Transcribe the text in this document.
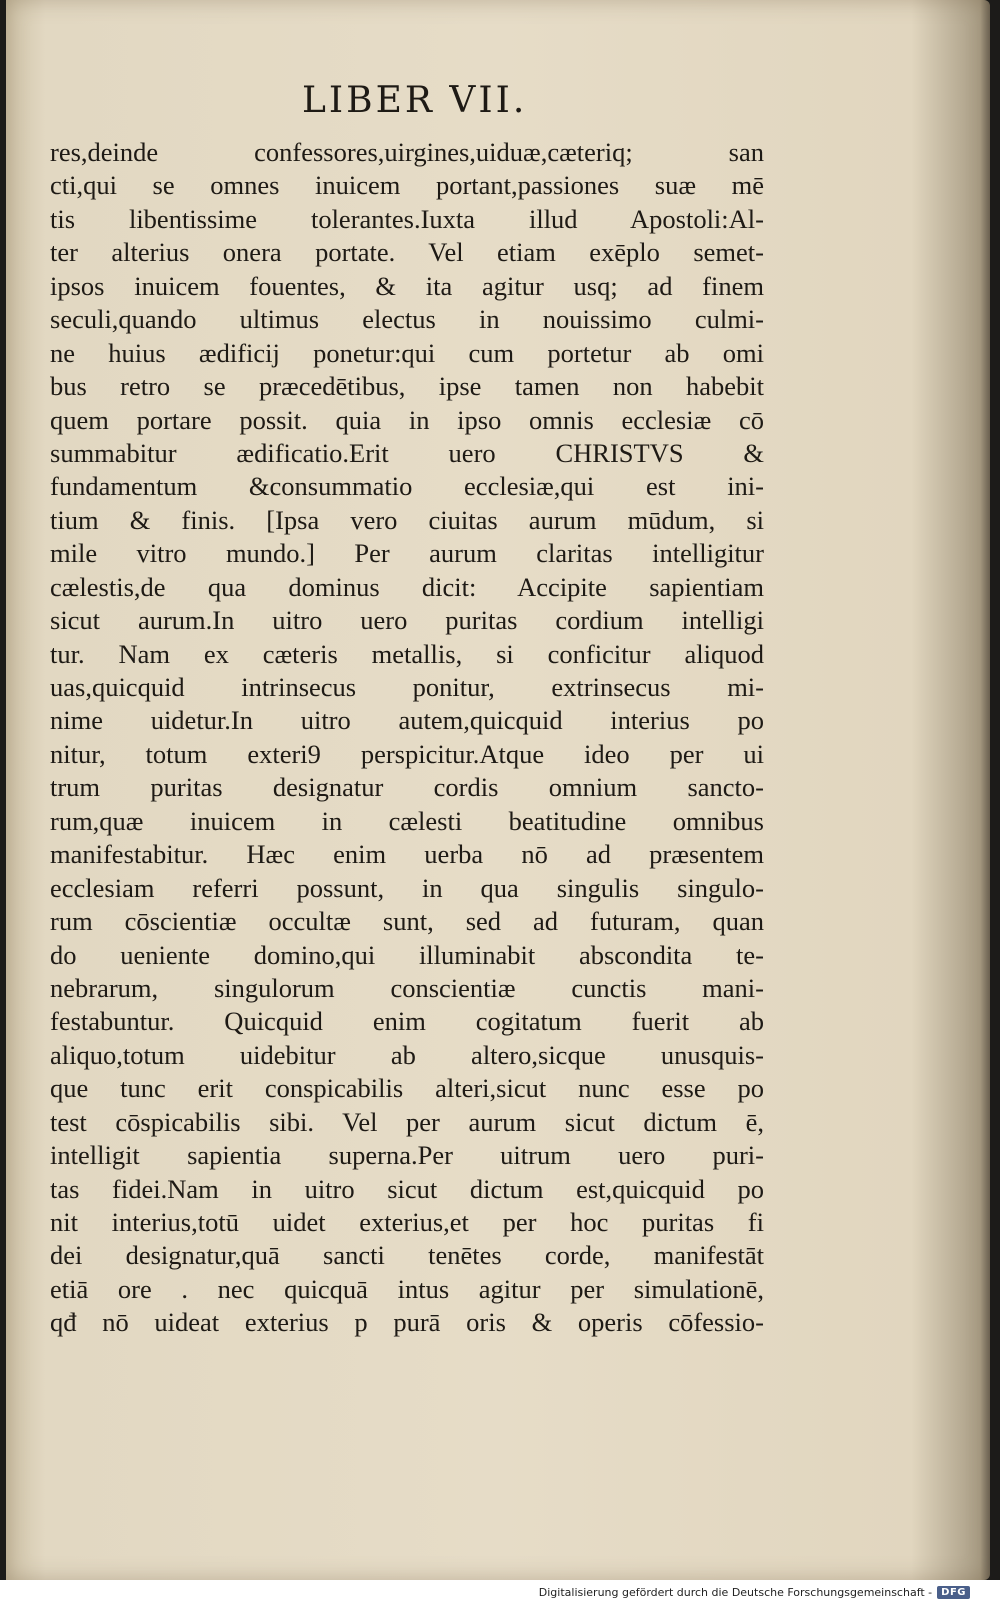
LIBER VII.
res,deinde confessores,uirgines,uiduæ,cæteriq; san
cti,qui se omnes inuicem portant,passiones suæ mē
tis libentissime tolerantes.Iuxta illud Apostoli:Al-
ter alterius onera portate. Vel etiam exēplo semet-
ipsos inuicem fouentes, & ita agitur usq; ad finem
seculi,quando ultimus electus in nouissimo culmi-
ne huius ædificij ponetur:qui cum portetur ab omi
bus retro se præcedētibus, ipse tamen non habebit
quem portare possit. quia in ipso omnis ecclesiæ cō
summabitur ædificatio.Erit uero CHRISTVS &
fundamentum &consummatio ecclesiæ,qui est ini-
tium & finis. [Ipsa vero ciuitas aurum mūdum, si
mile vitro mundo.] Per aurum claritas intelligitur
cælestis,de qua dominus dicit: Accipite sapientiam
sicut aurum.In uitro uero puritas cordium intelligi
tur. Nam ex cæteris metallis, si conficitur aliquod
uas,quicquid intrinsecus ponitur, extrinsecus mi-
nime uidetur.In uitro autem,quicquid interius po
nitur, totum exteri9 perspicitur.Atque ideo per ui
trum puritas designatur cordis omnium sancto-
rum,quæ inuicem in cælesti beatitudine omnibus
manifestabitur. Hæc enim uerba nō ad præsentem
ecclesiam referri possunt, in qua singulis singulo-
rum cōscientiæ occultæ sunt, sed ad futuram, quan
do ueniente domino,qui illuminabit abscondita te-
nebrarum, singulorum conscientiæ cunctis mani-
festabuntur. Quicquid enim cogitatum fuerit ab
aliquo,totum uidebitur ab altero,sicque unusquis-
que tunc erit conspicabilis alteri,sicut nunc esse po
test cōspicabilis sibi. Vel per aurum sicut dictum ē,
intelligit sapientia superna.Per uitrum uero puri-
tas fidei.Nam in uitro sicut dictum est,quicquid po
nit interius,totū uidet exterius,et per hoc puritas fi
dei designatur,quā sancti tenētes corde, manifestāt
etiā ore . nec quicquā intus agitur per simulationē,
qđ nō uideat exterius p purā oris & operis cōfessio-
Digitalisierung gefördert durch die Deutsche Forschungsgemeinschaft - DFG
